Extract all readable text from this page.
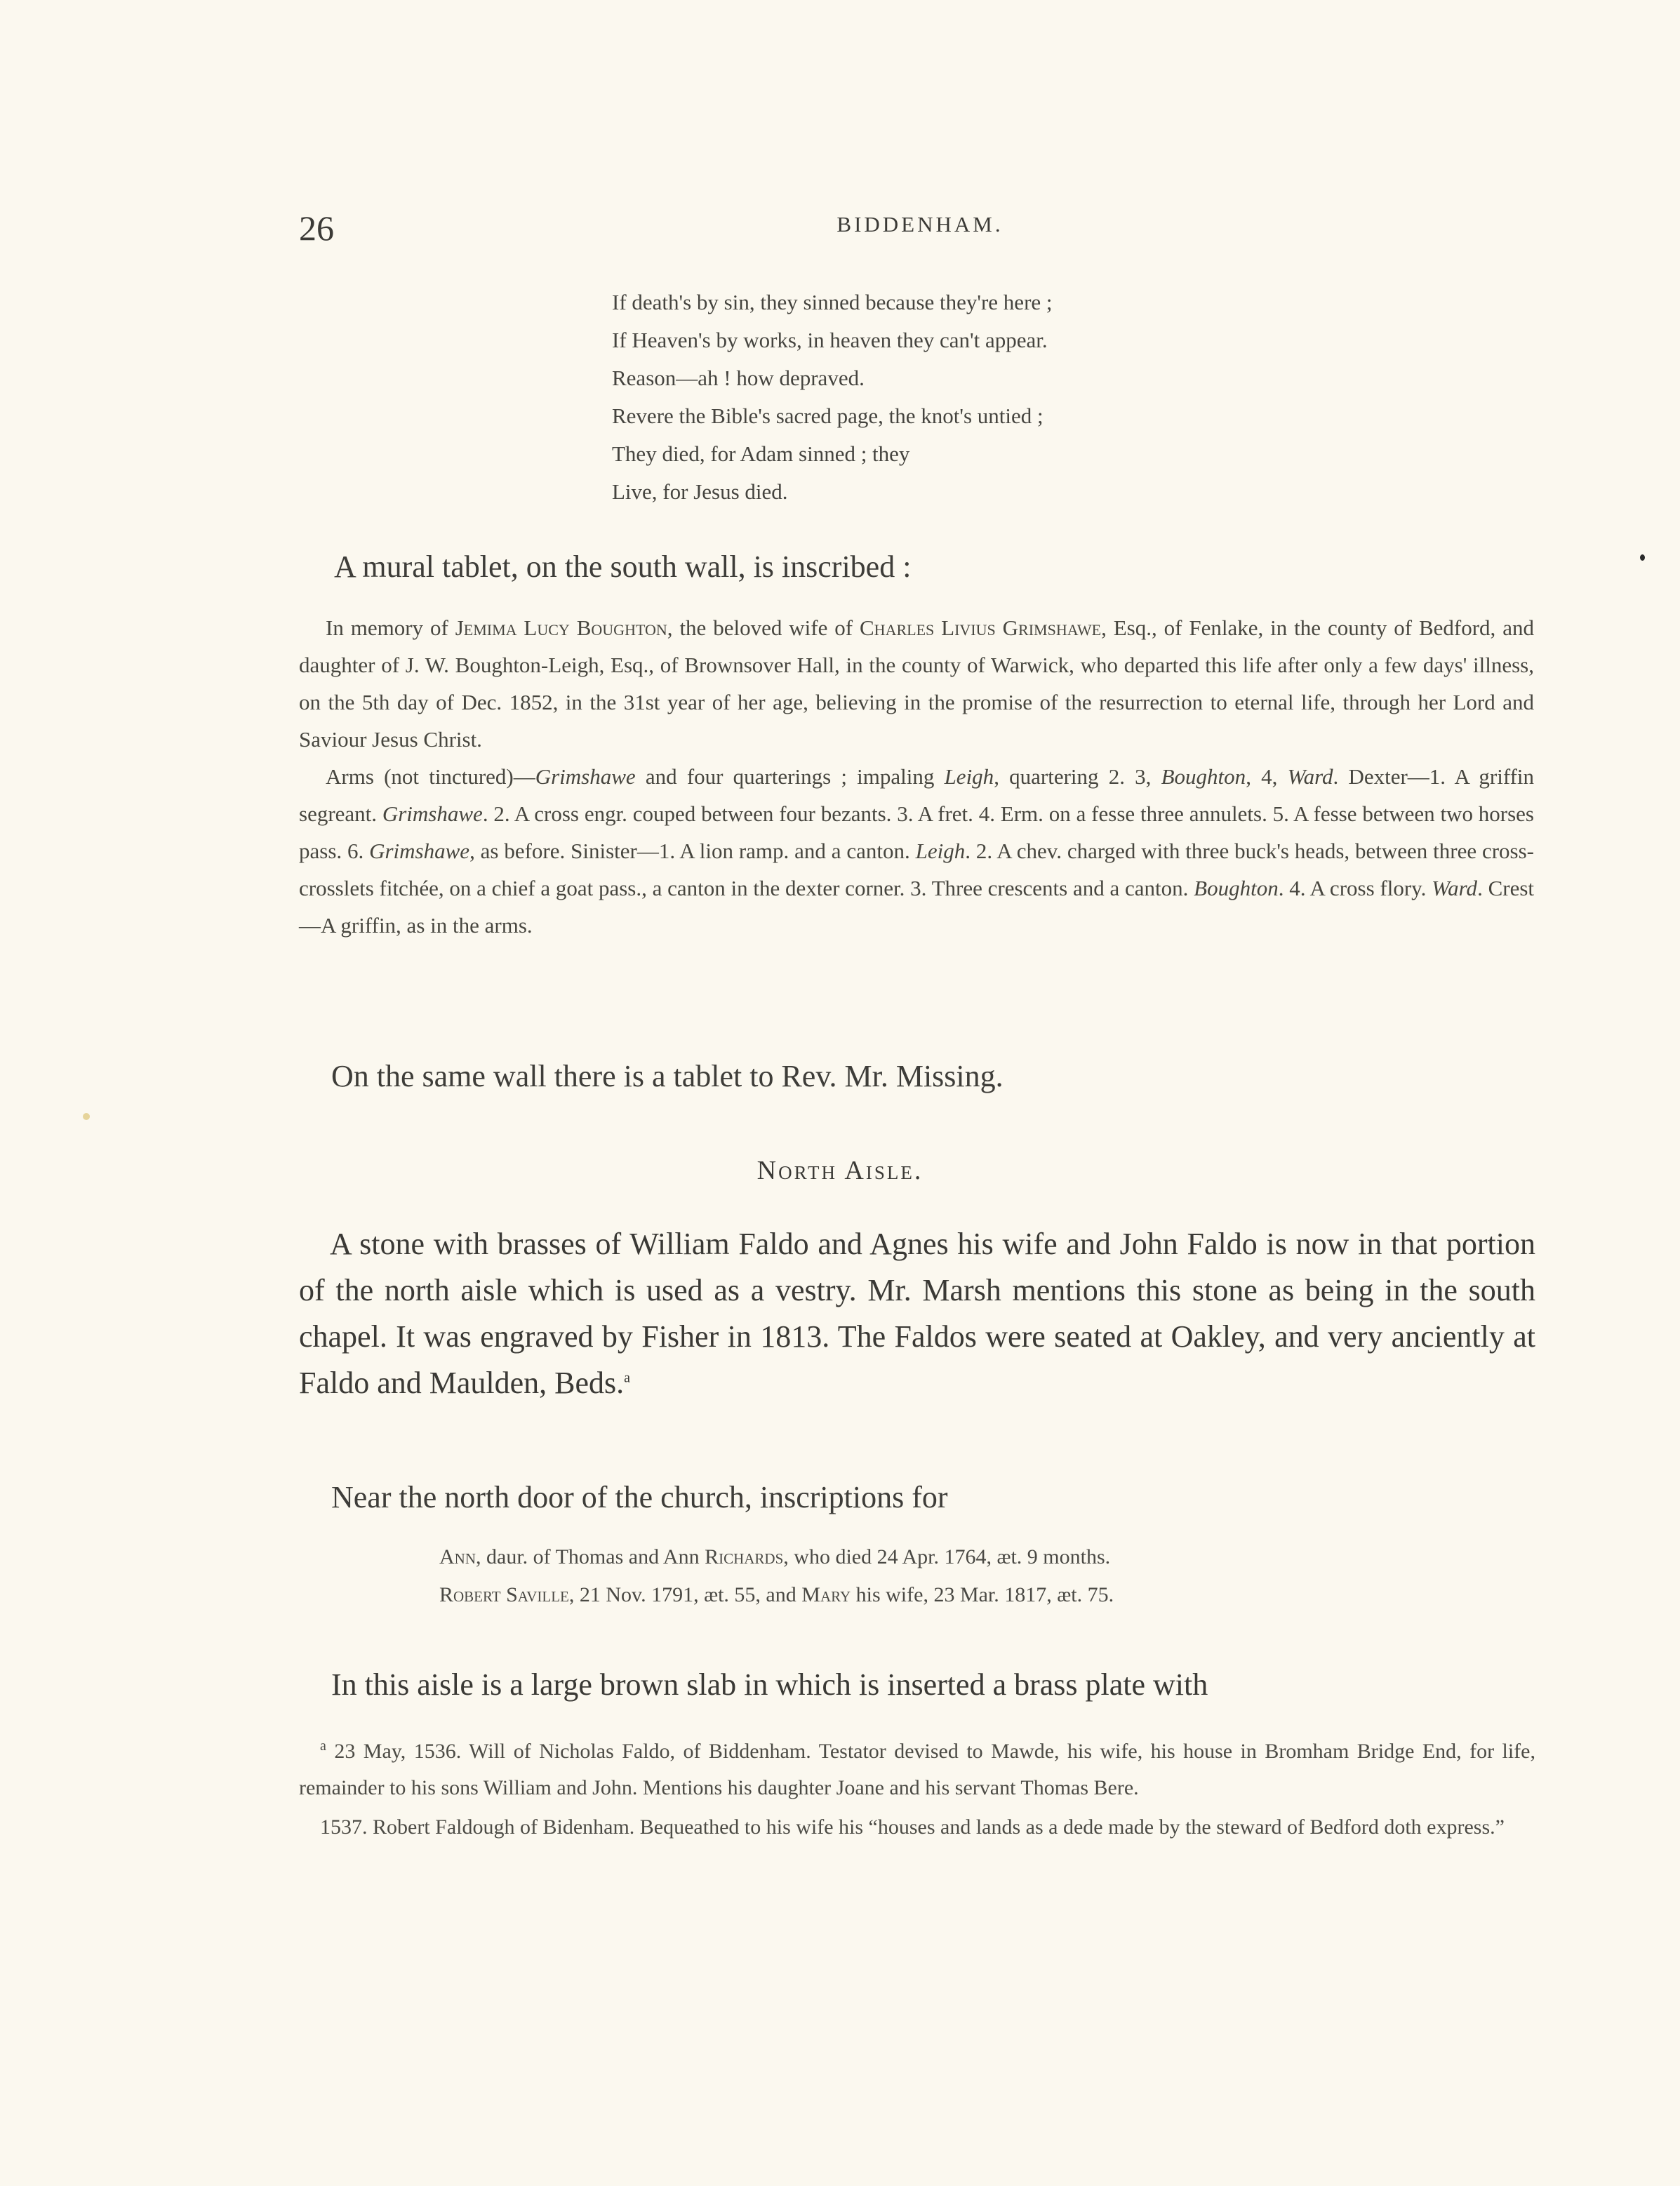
26	BIDDENHAM.
If death's by sin, they sinned because they're here ;
If Heaven's by works, in heaven they can't appear.
Reason—ah ! how depraved.
Revere the Bible's sacred page, the knot's untied ;
They died, for Adam sinned ; they
Live, for Jesus died.
A mural tablet, on the south wall, is inscribed :

In memory of Jemima Lucy Boughton, the beloved wife of Charles Livius Grimshawe, Esq., of Fenlake, in the county of Bedford, and daughter of J. W. Boughton-Leigh, Esq., of Brownsover Hall, in the county of Warwick, who departed this life after only a few days' illness, on the 5th day of Dec. 1852, in the 31st year of her age, believing in the promise of the resurrection to eternal life, through her Lord and Saviour Jesus Christ.

Arms (not tinctured)—Grimshawe and four quarterings ; impaling Leigh, quartering 2. 3, Boughton, 4, Ward. Dexter—1. A griffin segreant. Grimshawe. 2. A cross engr. couped between four bezants. 3. A fret. 4. Erm. on a fesse three annulets. 5. A fesse between two horses pass. 6. Grimshawe, as before. Sinister—1. A lion ramp. and a canton. Leigh. 2. A chev. charged with three buck's heads, between three cross-crosslets fitchée, on a chief a goat pass., a canton in the dexter corner. 3. Three crescents and a canton. Boughton. 4. A cross flory. Ward. Crest—A griffin, as in the arms.

On the same wall there is a tablet to Rev. Mr. Missing.
North Aisle.

A stone with brasses of William Faldo and Agnes his wife and John Faldo is now in that portion of the north aisle which is used as a vestry. Mr. Marsh mentions this stone as being in the south chapel. It was engraved by Fisher in 1813. The Faldos were seated at Oakley, and very anciently at Faldo and Maulden, Beds.$^a$

Near the north door of the church, inscriptions for
Ann, daur. of Thomas and Ann Richards, who died 24 Apr. 1764, æt. 9 months.
Robert Saville, 21 Nov. 1791, æt. 55, and Mary his wife, 23 Mar. 1817, æt. 75.

In this aisle is a large brown slab in which is inserted a brass plate with

$^a$ 23 May, 1536. Will of Nicholas Faldo, of Biddenham. Testator devised to Mawde, his wife, his house in Bromham Bridge End, for life, remainder to his sons William and John. Mentions his daughter Joane and his servant Thomas Bere.

1537. Robert Faldough of Bidenham. Bequeathed to his wife his “houses and lands as a dede made by the steward of Bedford doth express.”
